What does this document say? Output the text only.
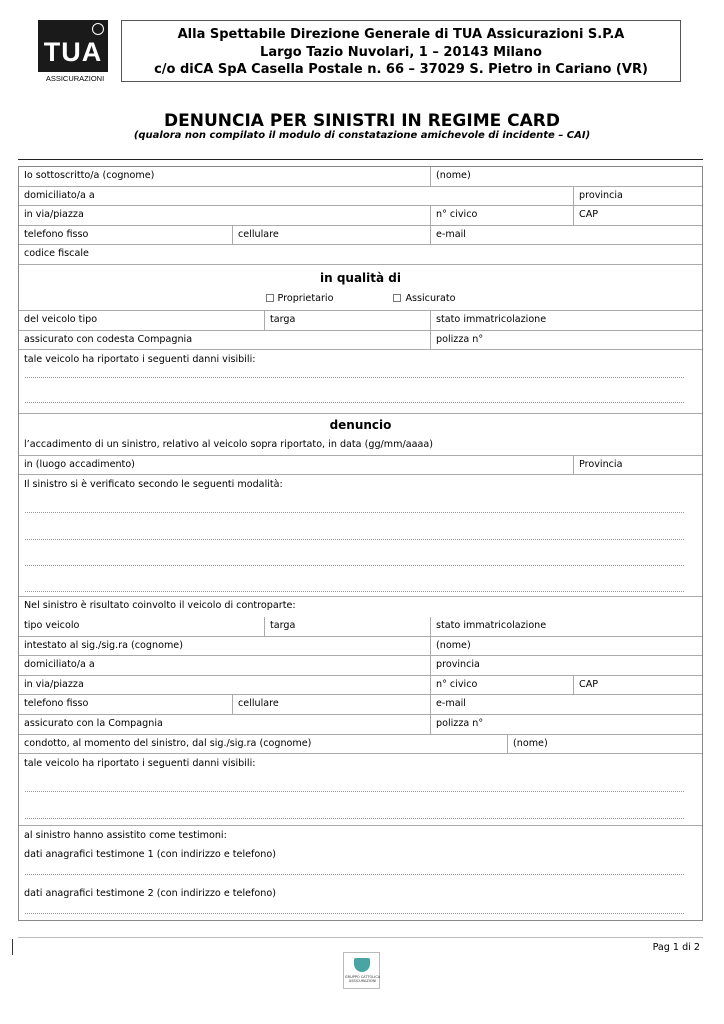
TUA
ASSICURAZIONI
Alla Spettabile Direzione Generale di TUA Assicurazioni S.P.A
Largo Tazio Nuvolari, 1 – 20143 Milano
c/o diCA SpA Casella Postale n. 66 – 37029 S. Pietro in Cariano (VR)
DENUNCIA PER SINISTRI IN REGIME CARD
(qualora non compilato il modulo di constatazione amichevole di incidente – CAI)
Io sottoscritto/a (cognome)	(nome)
domiciliato/a a	provincia
in via/piazza	n° civico	CAP
telefono fisso	cellulare	e-mail
codice fiscale
in qualità di
Proprietario	Assicurato
del veicolo tipo	targa	stato immatricolazione
assicurato con codesta Compagnia	polizza n°
tale veicolo ha riportato i seguenti danni visibili:
denuncio
l’accadimento di un sinistro, relativo al veicolo sopra riportato, in data (gg/mm/aaaa)
in (luogo accadimento)	Provincia
Il sinistro si è verificato secondo le seguenti modalità:
Nel sinistro è risultato coinvolto il veicolo di controparte:
tipo veicolo	targa	stato immatricolazione
intestato al sig./sig.ra (cognome)	(nome)
domiciliato/a a	provincia
in via/piazza	n° civico	CAP
telefono fisso	cellulare	e-mail
assicurato con la Compagnia	polizza n°
condotto, al momento del sinistro, dal sig./sig.ra (cognome)	(nome)
tale veicolo ha riportato i seguenti danni visibili:
al sinistro hanno assistito come testimoni:
dati anagrafici testimone 1 (con indirizzo e telefono)
dati anagrafici testimone 2 (con indirizzo e telefono)
Pag 1 di 2
GRUPPO CATTOLICA ASSICURAZIONI
